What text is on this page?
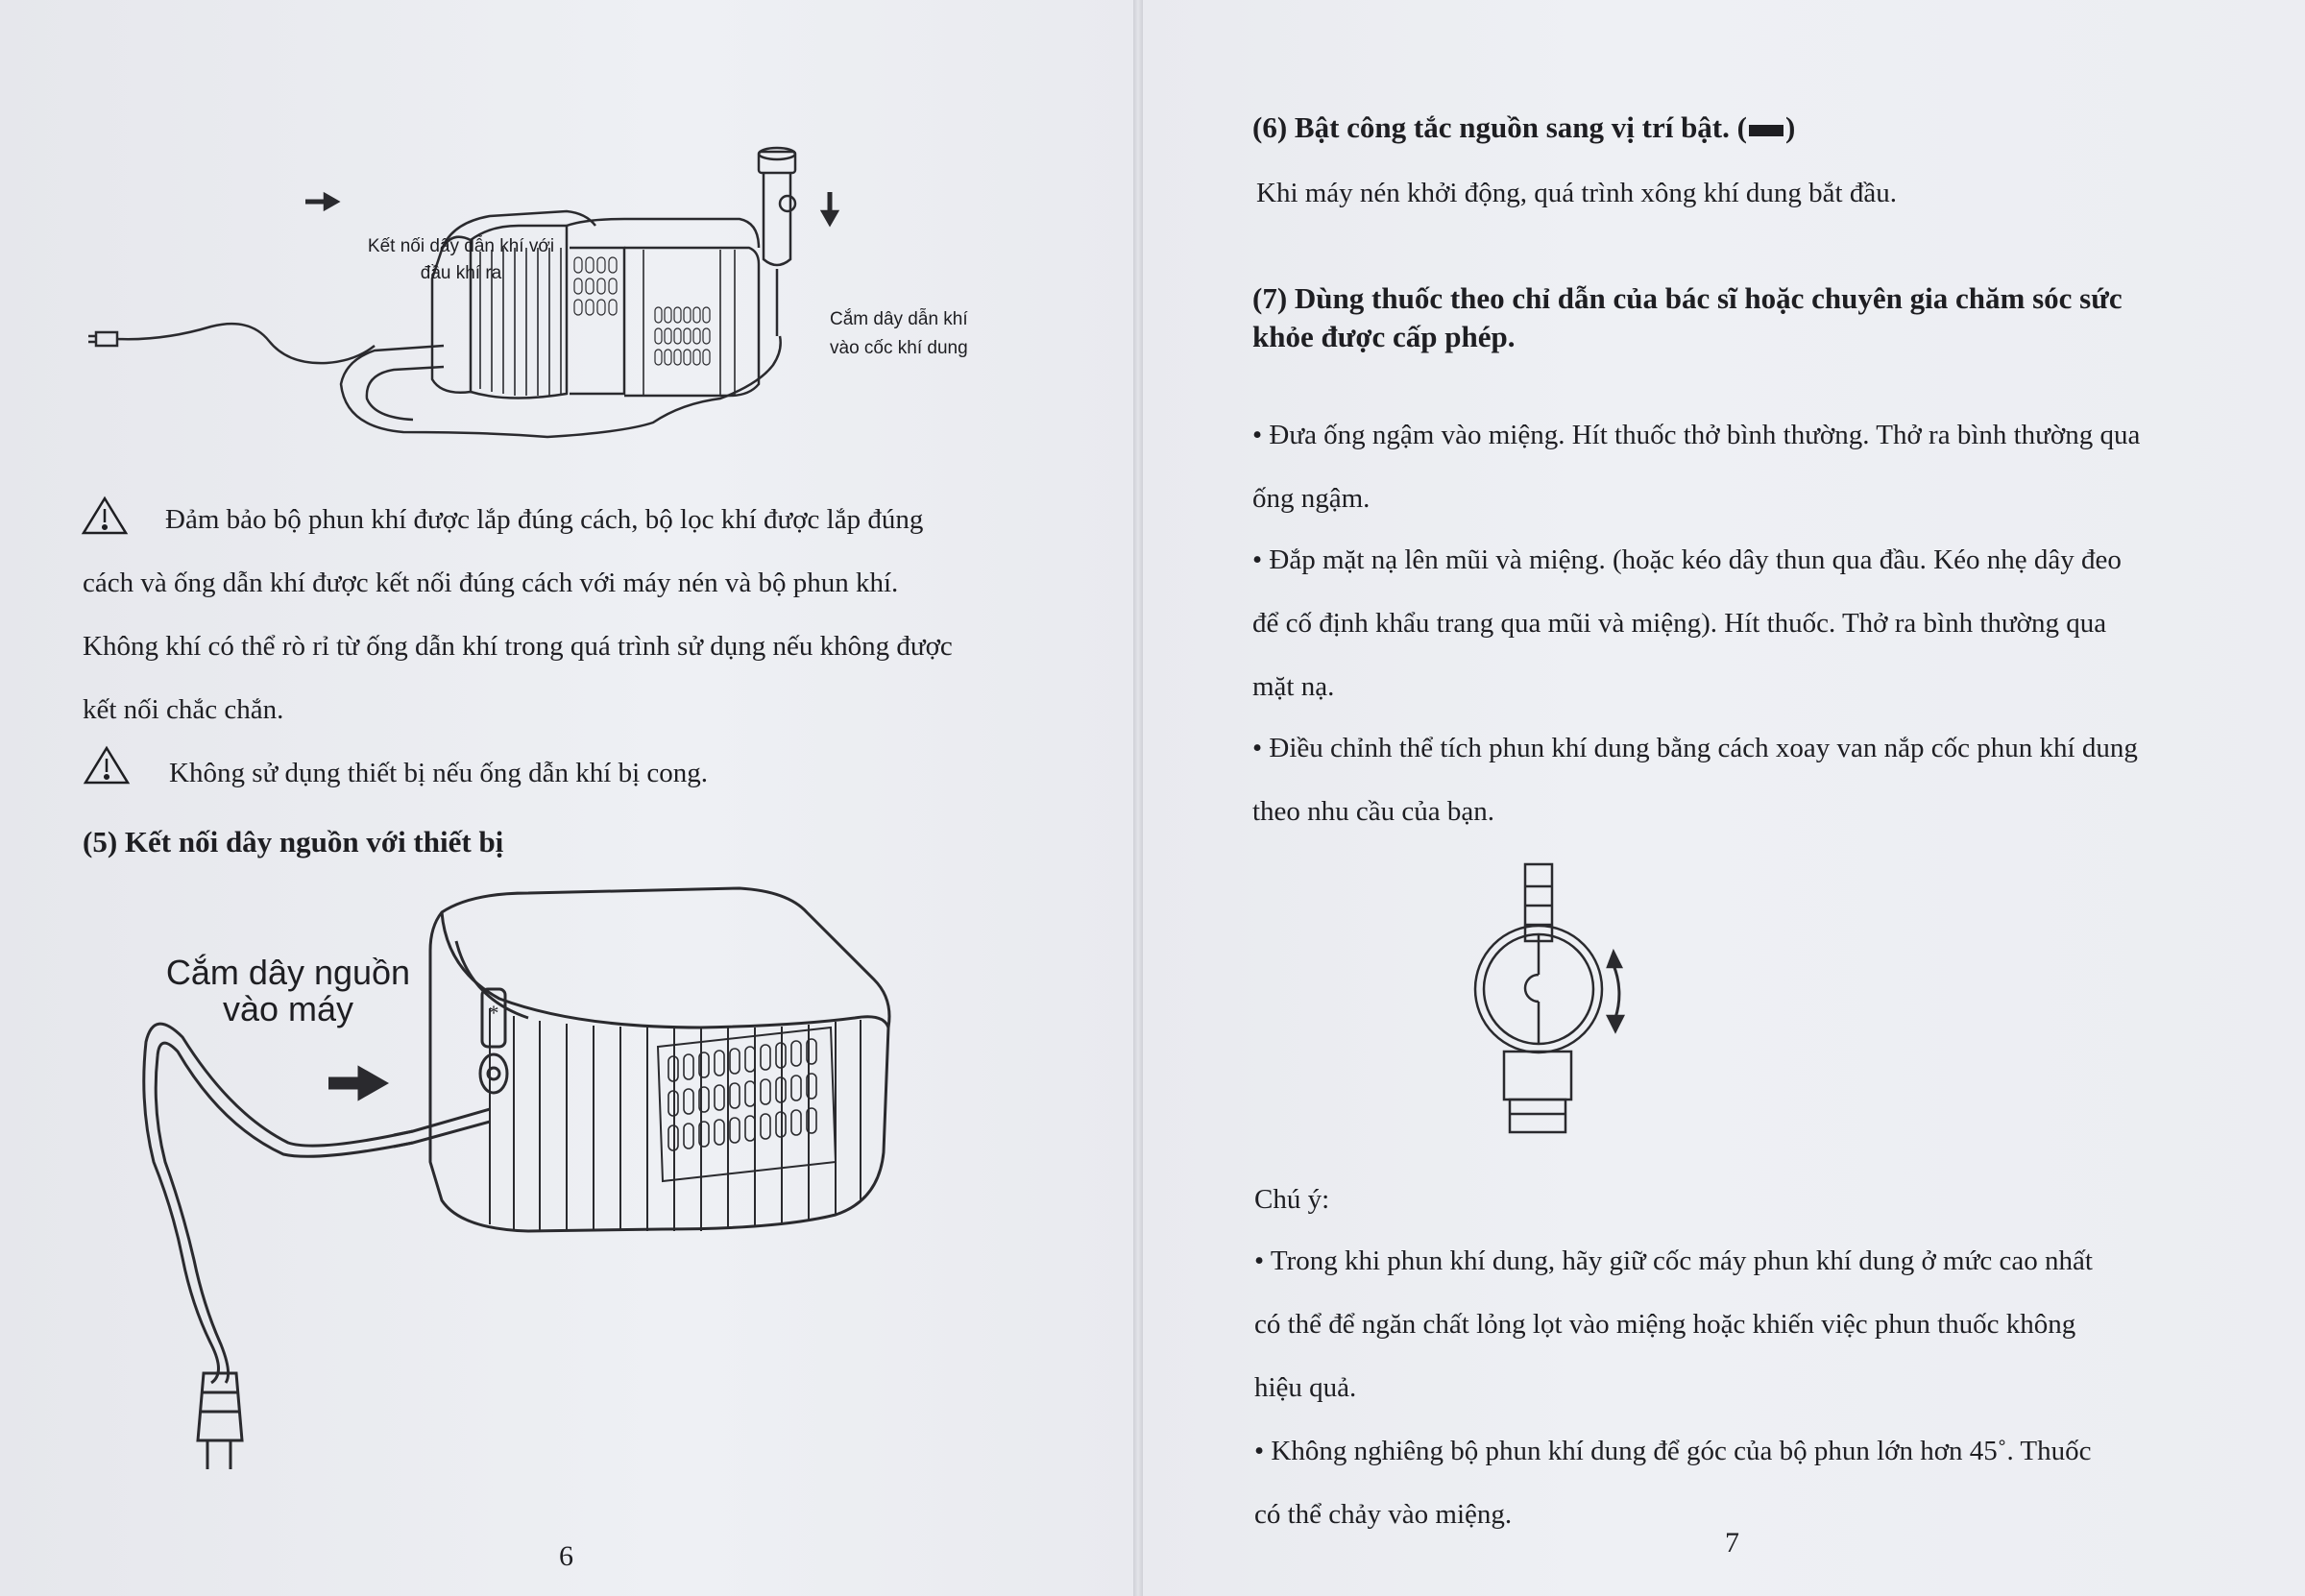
Kết nối dây dẫn khí với
đầu khí ra
Cắm dây dẫn khí
vào cốc khí dung
Đảm bảo bộ phun khí được lắp đúng cách, bộ lọc khí được lắp đúng
cách và ống dẫn khí được kết nối đúng cách với máy nén và bộ phun khí.
Không khí có thể rò rỉ từ ống dẫn khí trong quá trình sử dụng nếu không được
kết nối chắc chắn.
Không sử dụng thiết bị nếu ống dẫn khí bị cong.
(5) Kết nối dây nguồn với thiết bị
*
Cắm dây nguồn
vào máy
6
(6) Bật công tắc nguồn sang vị trí bật. ( )
Khi máy nén khởi động, quá trình xông khí dung bắt đầu.
(7) Dùng thuốc theo chỉ dẫn của bác sĩ hoặc chuyên gia chăm sóc sức
khỏe được cấp phép.
• Đưa ống ngậm vào miệng. Hít thuốc thở bình thường. Thở ra bình thường qua
ống ngậm.
• Đắp mặt nạ lên mũi và miệng. (hoặc kéo dây thun qua đầu. Kéo nhẹ dây đeo
để cố định khẩu trang qua mũi và miệng). Hít thuốc. Thở ra bình thường qua
mặt nạ.
• Điều chỉnh thể tích phun khí dung bằng cách xoay van nắp cốc phun khí dung
theo nhu cầu của bạn.
Chú ý:
• Trong khi phun khí dung, hãy giữ cốc máy phun khí dung ở mức cao nhất
có thể để ngăn chất lỏng lọt vào miệng hoặc khiến việc phun thuốc không
hiệu quả.
• Không nghiêng bộ phun khí dung để góc của bộ phun lớn hơn 45˚. Thuốc
có thể chảy vào miệng.
7
